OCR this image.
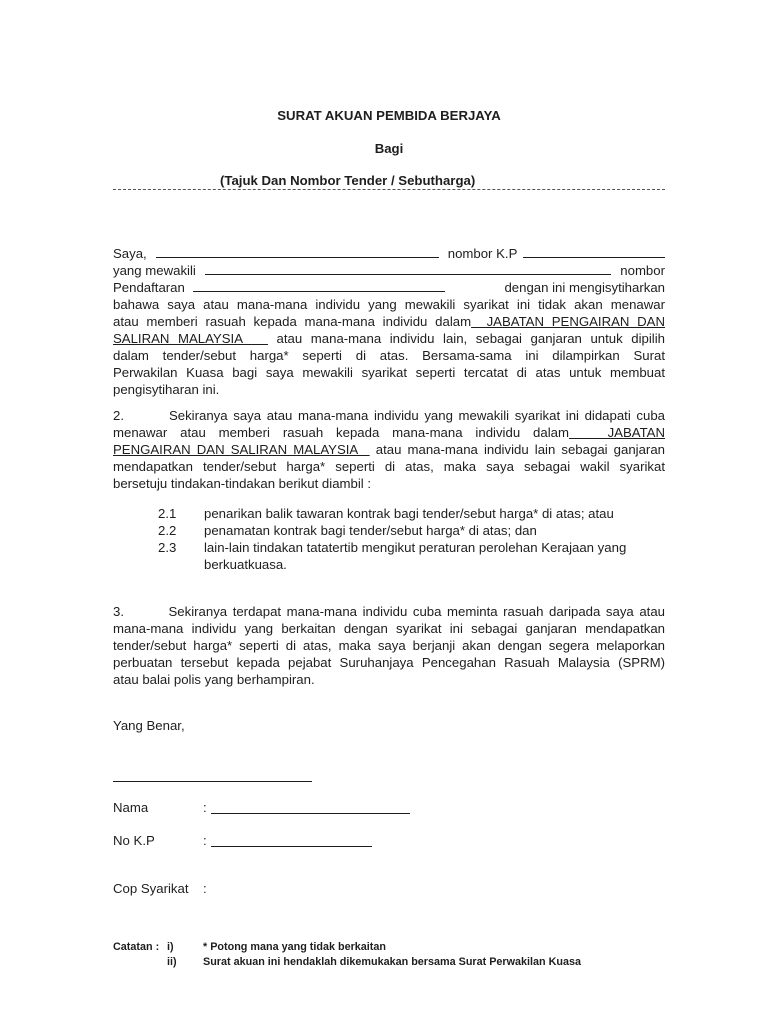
SURAT AKUAN PEMBIDA BERJAYA
Bagi
(Tajuk Dan Nombor Tender / Sebutharga)
Saya,	nombor K.P
yang mewakili	nombor
Pendaftaran	dengan ini mengisytiharkan
bahawa saya atau mana-mana individu yang mewakili syarikat ini tidak akan menawar
atau memberi rasuah kepada mana-mana individu dalam  JABATAN PENGAIRAN DAN
SALIRAN MALAYSIA    atau mana-mana individu lain, sebagai ganjaran untuk dipilih
dalam tender/sebut harga* seperti di atas. Bersama-sama ini dilampirkan Surat
Perwakilan Kuasa bagi saya mewakili syarikat seperti tercatat di atas untuk membuat
pengisytiharan ini.
2.        Sekiranya saya atau mana-mana individu yang mewakili syarikat ini didapati cuba
menawar atau memberi rasuah kepada mana-mana individu dalam   JABATAN
PENGAIRAN DAN SALIRAN MALAYSIA   atau mana-mana individu lain sebagai ganjaran
mendapatkan tender/sebut harga* seperti di atas, maka saya sebagai wakil syarikat
bersetuju tindakan-tindakan berikut diambil :
2.1 penarikan balik tawaran kontrak bagi tender/sebut harga* di atas; atau
2.2 penamatan kontrak bagi tender/sebut harga* di atas; dan
2.3 lain-lain tindakan tatatertib mengikut peraturan perolehan Kerajaan yang
berkuatkuasa.
3.        Sekiranya terdapat mana-mana individu cuba meminta rasuah daripada saya atau
mana-mana individu yang berkaitan dengan syarikat ini sebagai ganjaran mendapatkan
tender/sebut harga* seperti di atas, maka saya berjanji akan dengan segera melaporkan
perbuatan tersebut kepada pejabat Suruhanjaya Pencegahan Rasuah Malaysia (SPRM)
atau balai polis yang berhampiran.
Yang Benar,
Nama	:
No K.P	:
Cop Syarikat :
Catatan : i)	* Potong mana yang tidak berkaitan
ii) Surat akuan ini hendaklah dikemukakan bersama Surat Perwakilan Kuasa
